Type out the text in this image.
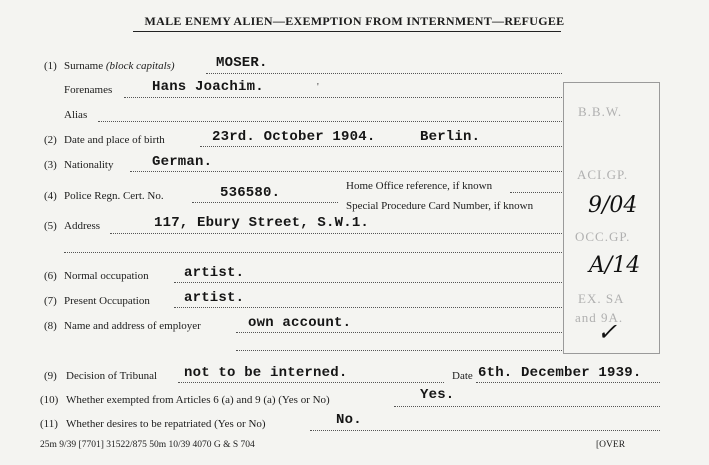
MALE ENEMY ALIEN—EXEMPTION FROM INTERNMENT—REFUGEE
B.B.W.
ACI.GP.
OCC.GP.
EX. SA
and 9A.
9/04
A/14
✓
(1) Surname (block capitals)	MOSER.
Forenames	Hans Joachim.	'
Alias
(2) Date and place of birth	23rd. October 1904.	Berlin.
(3) Nationality	German.
(4) Police Regn. Cert. No.	536580.	Home Office reference, if known
Special Procedure Card Number, if known
(5) Address	117, Ebury Street, S.W.1.
(6) Normal occupation	artist.
(7) Present Occupation artist.
(8) Name and address of employer	own account.
(9) Decision of Tribunal not to be interned.	Date 6th. December 1939.
(10) Whether exempted from Articles 6 (a) and 9 (a) (Yes or No)	Yes.
(11) Whether desires to be repatriated (Yes or No)	No.
25m 9/39 [7701] 31522/875 50m 10/39 4070 G & S 704	[OVER
